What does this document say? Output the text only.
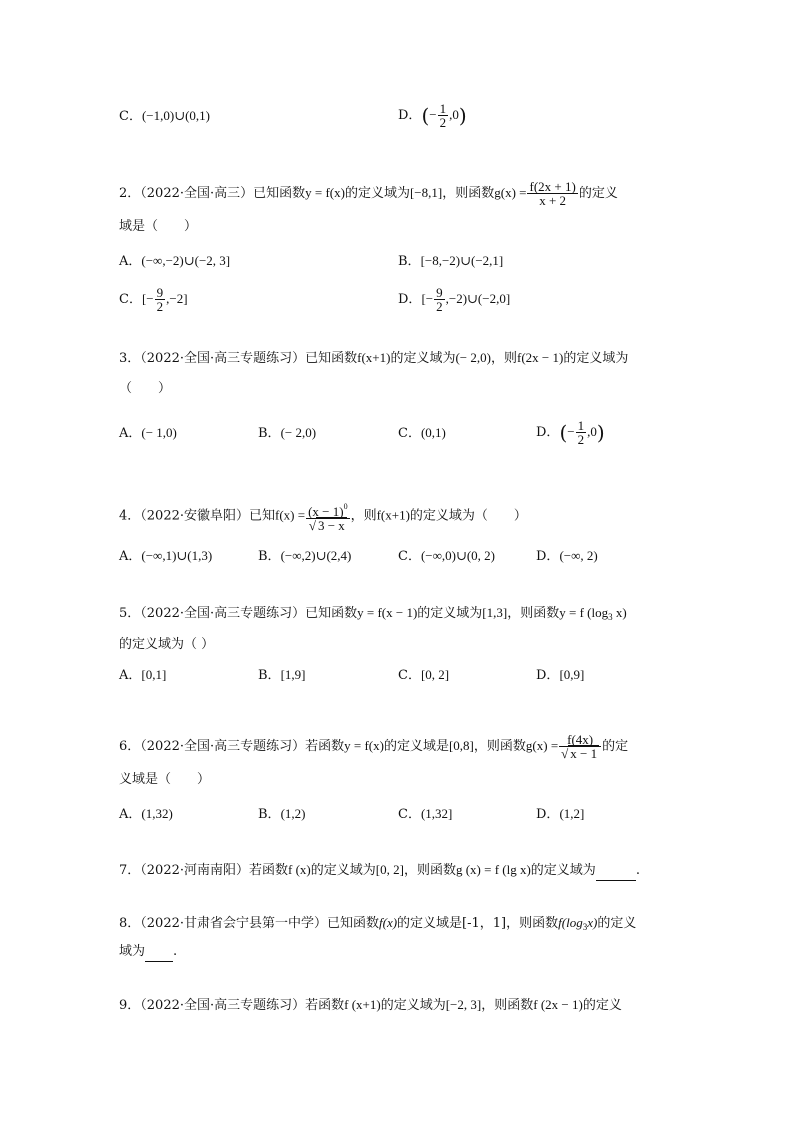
C．(−1,0)∪(0,1)	D．(− $\frac{1}{2} ,0$)
2．（2022·全国·高三）已知函数y = f(x)的定义域为[−8,1]，则函数$g(x) = \frac{f(2x + 1)}{x + 2}$ 的定义
域是（　　）
A．(−∞,−2)∪(−2, 3]	B．[−8,−2)∪(−2,1]
C．[− $\frac{9}{2} ,-2$]	D．[− $\frac{9}{2}$ ,−2)∪(−2,0]
3．（2022·全国·高三专题练习）已知函数f(x+1)的定义域为(− 2,0)，则f(2x − 1)的定义域为
（　　）
A．(− 1,0)	B．(− 2,0)	C．(0,1)	D．(− $\frac{1}{2} ,0$)
4．（2022·安徽阜阳）已知$f(x) = \frac{(x - 1)^0}{√ 3 - x}$ ，则f(x+1)的定义域为（　　）
A．(−∞,1)∪(1,3)	B．(−∞,2)∪(2,4)	C．(−∞,0)∪(0, 2)	D．(−∞, 2)
5．（2022·全国·高三专题练习）已知函数y = f(x − 1)的定义域为[1,3]，则函数y = f ($\log_3$ x)
的定义域为（ ）
A．[0,1]	B．[1,9]	C．[0, 2]	D．[0,9]
6．（2022·全国·高三专题练习）若函数y = f(x)的定义域是[0,8]，则函数$g(x) = \frac{f(4x)}{√ x - 1}$ 的定
义域是（　　）
A．(1,32)	B．(1,2)	C．(1,32]	D．(1,2]
7．（2022·河南南阳）若函数f (x)的定义域为[0, 2]，则函数g (x) = f (lg x)的定义域为	.
8．（2022·甘肃省会宁县第一中学）已知函数f(x)的定义域是[-1，1]，则函数$f(\log_3x)$的定义
域为 .
9．（2022·全国·高三专题练习）若函数f (x+1)的定义域为[−2, 3]，则函数f (2x − 1)的定义
